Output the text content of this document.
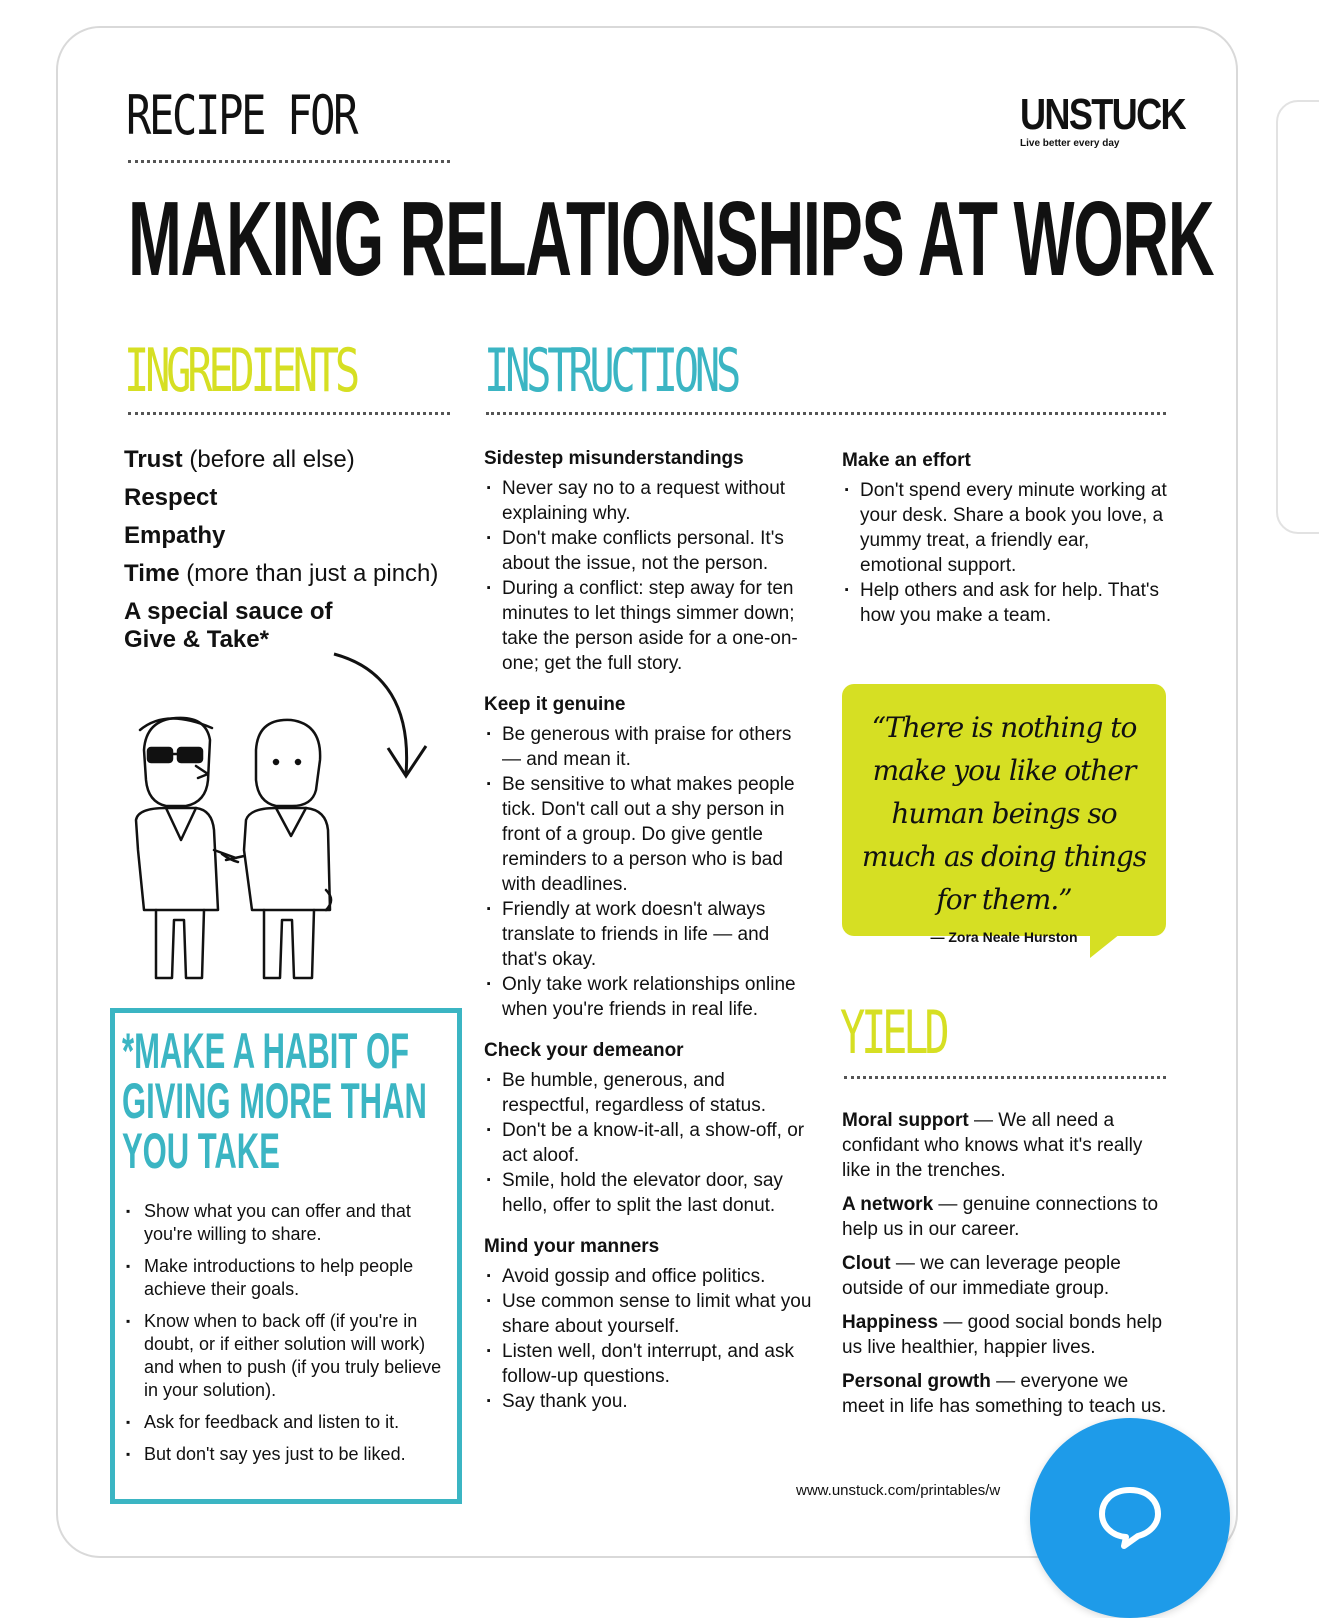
RECIPE FOR	UNSTUCK
Live better every day
MAKING RELATIONSHIPS AT WORK
INGREDIENTS INSTRUCTIONS
Trust (before all else)
Respect
Empathy
Time (more than just a pinch)
A special sauce of
Give & Take*
Sidestep misunderstandings
· Never say no to a request without explaining why.
· Don't make conflicts personal. It's about the issue, not the person.
· During a conflict: step away for ten minutes to let things simmer down; take the person aside for a one-on-one; get the full story.
Keep it genuine
· Be generous with praise for others — and mean it.
· Be sensitive to what makes people tick. Don't call out a shy person in front of a group. Do give gentle reminders to a person who is bad with deadlines.
· Friendly at work doesn't always translate to friends in life — and that's okay.
· Only take work relationships online when you're friends in real life.
Check your demeanor
· Be humble, generous, and respectful, regardless of status.
· Don't be a know-it-all, a show-off, or act aloof.
· Smile, hold the elevator door, say hello, offer to split the last donut.
Mind your manners
· Avoid gossip and office politics.
· Use common sense to limit what you share about yourself.
· Listen well, don't interrupt, and ask follow-up questions.
· Say thank you.
Make an effort
· Don't spend every minute working at your desk. Share a book you love, a yummy treat, a friendly ear, emotional support.
· Help others and ask for help. That's how you make a team.
“There is nothing to make you like other human beings so much as doing things for them.”
— Zora Neale Hurston
YIELD

Moral support — We all need a confidant who knows what it's really like in the trenches.

A network — genuine connections to help us in our career.

Clout — we can leverage people outside of our immediate group.

Happiness — good social bonds help us live healthier, happier lives.

Personal growth — everyone we meet in life has something to teach us.

*MAKE A HABIT OF
GIVING MORE THAN
YOU TAKE
▪ Show what you can offer and that you're willing to share.
▪ Make introductions to help people achieve their goals.
▪ Know when to back off (if you're in doubt, or if either solution will work) and when to push (if you truly believe in your solution).
▪ Ask for feedback and listen to it.
▪ But don't say yes just to be liked.
www.unstuck.com/printables/w
